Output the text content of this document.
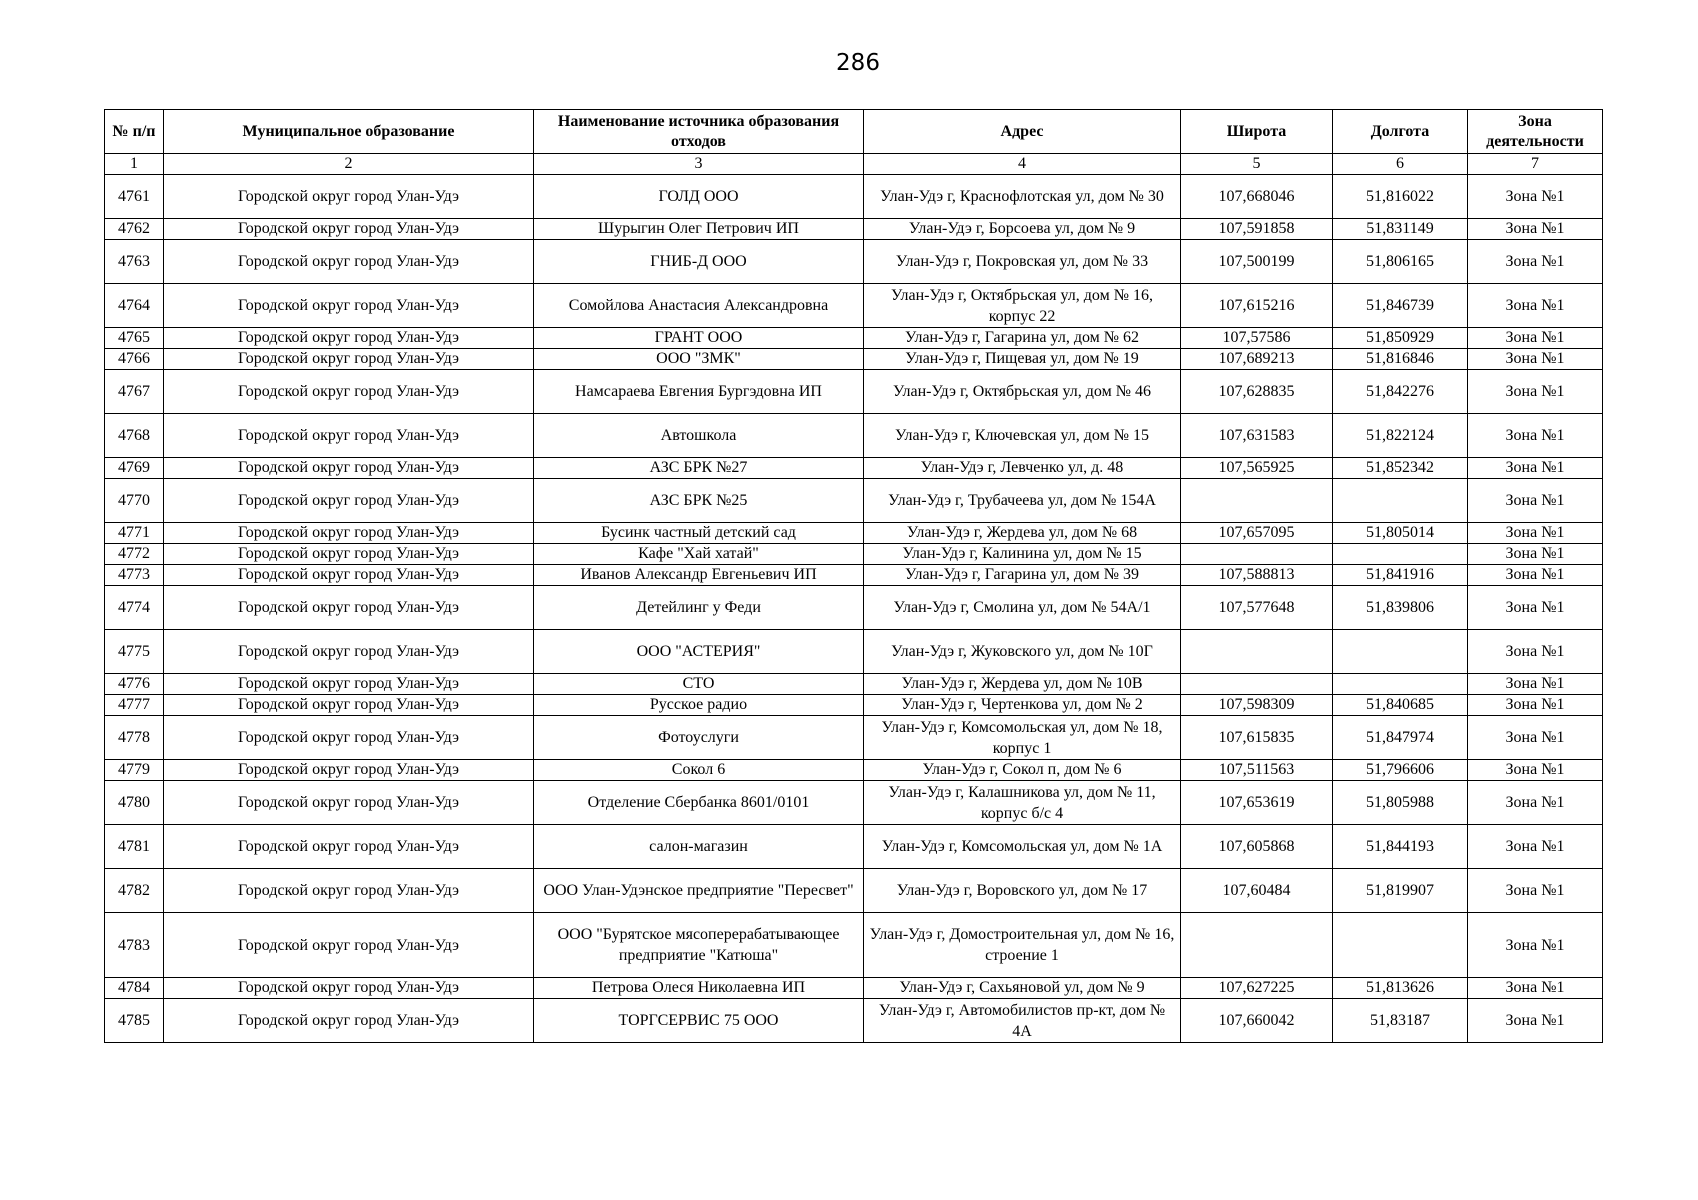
286
№ п/п	Муниципальное образование	Наименование источника образования отходов	Адрес	Широта	Долгота	Зона деятельности
1	2	3	4	5	6	7
4761	Городской округ город Улан-Удэ	ГОЛД ООО	Улан-Удэ г, Краснофлотская ул, дом № 30	107,668046	51,816022	Зона №1
4762	Городской округ город Улан-Удэ	Шурыгин Олег Петрович ИП	Улан-Удэ г, Борсоева ул, дом № 9	107,591858	51,831149	Зона №1
4763	Городской округ город Улан-Удэ	ГНИБ-Д ООО	Улан-Удэ г, Покровская ул, дом № 33	107,500199	51,806165	Зона №1
4764	Городской округ город Улан-Удэ	Сомойлова Анастасия Александровна	Улан-Удэ г, Октябрьская ул, дом № 16, корпус 22	107,615216	51,846739	Зона №1
4765	Городской округ город Улан-Удэ	ГРАНТ ООО	Улан-Удэ г, Гагарина ул, дом № 62	107,57586	51,850929	Зона №1
4766	Городской округ город Улан-Удэ	ООО "ЗМК"	Улан-Удэ г, Пищевая ул, дом № 19	107,689213	51,816846	Зона №1
4767	Городской округ город Улан-Удэ	Намсараева Евгения Бургэдовна ИП	Улан-Удэ г, Октябрьская ул, дом № 46	107,628835	51,842276	Зона №1
4768	Городской округ город Улан-Удэ	Автошкола	Улан-Удэ г, Ключевская ул, дом № 15	107,631583	51,822124	Зона №1
4769	Городской округ город Улан-Удэ	АЗС БРК №27	Улан-Удэ г, Левченко ул, д. 48	107,565925	51,852342	Зона №1
4770	Городской округ город Улан-Удэ	АЗС БРК №25	Улан-Удэ г, Трубачеева ул, дом № 154А			Зона №1
4771	Городской округ город Улан-Удэ	Бусинк частный детский сад	Улан-Удэ г, Жердева ул, дом № 68	107,657095	51,805014	Зона №1
4772	Городской округ город Улан-Удэ	Кафе "Хай хатай"	Улан-Удэ г, Калинина ул, дом № 15			Зона №1
4773	Городской округ город Улан-Удэ	Иванов Александр Евгеньевич ИП	Улан-Удэ г, Гагарина ул, дом № 39	107,588813	51,841916	Зона №1
4774	Городской округ город Улан-Удэ	Детейлинг у Феди	Улан-Удэ г, Смолина ул, дом № 54А/1	107,577648	51,839806	Зона №1
4775	Городской округ город Улан-Удэ	ООО "АСТЕРИЯ"	Улан-Удэ г, Жуковского ул, дом № 10Г			Зона №1
4776	Городской округ город Улан-Удэ	СТО	Улан-Удэ г, Жердева ул, дом № 10В			Зона №1
4777	Городской округ город Улан-Удэ	Русское радио	Улан-Удэ г, Чертенкова ул, дом № 2	107,598309	51,840685	Зона №1
4778	Городской округ город Улан-Удэ	Фотоуслуги	Улан-Удэ г, Комсомольская ул, дом № 18, корпус 1	107,615835	51,847974	Зона №1
4779	Городской округ город Улан-Удэ	Сокол 6	Улан-Удэ г, Сокол п, дом № 6	107,511563	51,796606	Зона №1
4780	Городской округ город Улан-Удэ	Отделение Сбербанка 8601/0101	Улан-Удэ г, Калашникова ул, дом № 11, корпус б/с 4	107,653619	51,805988	Зона №1
4781	Городской округ город Улан-Удэ	салон-магазин	Улан-Удэ г, Комсомольская ул, дом № 1А	107,605868	51,844193	Зона №1
4782	Городской округ город Улан-Удэ	ООО Улан-Удэнское предприятие "Пересвет"	Улан-Удэ г, Воровского ул, дом № 17	107,60484	51,819907	Зона №1
4783	Городской округ город Улан-Удэ	ООО "Бурятское мясоперерабатывающее предприятие "Катюша"	Улан-Удэ г, Домостроительная ул, дом № 16, строение 1			Зона №1
4784	Городской округ город Улан-Удэ	Петрова Олеся Николаевна ИП	Улан-Удэ г, Сахьяновой ул, дом № 9	107,627225	51,813626	Зона №1
4785	Городской округ город Улан-Удэ	ТОРГСЕРВИС 75 ООО	Улан-Удэ г, Автомобилистов пр-кт, дом № 4А	107,660042	51,83187	Зона №1
